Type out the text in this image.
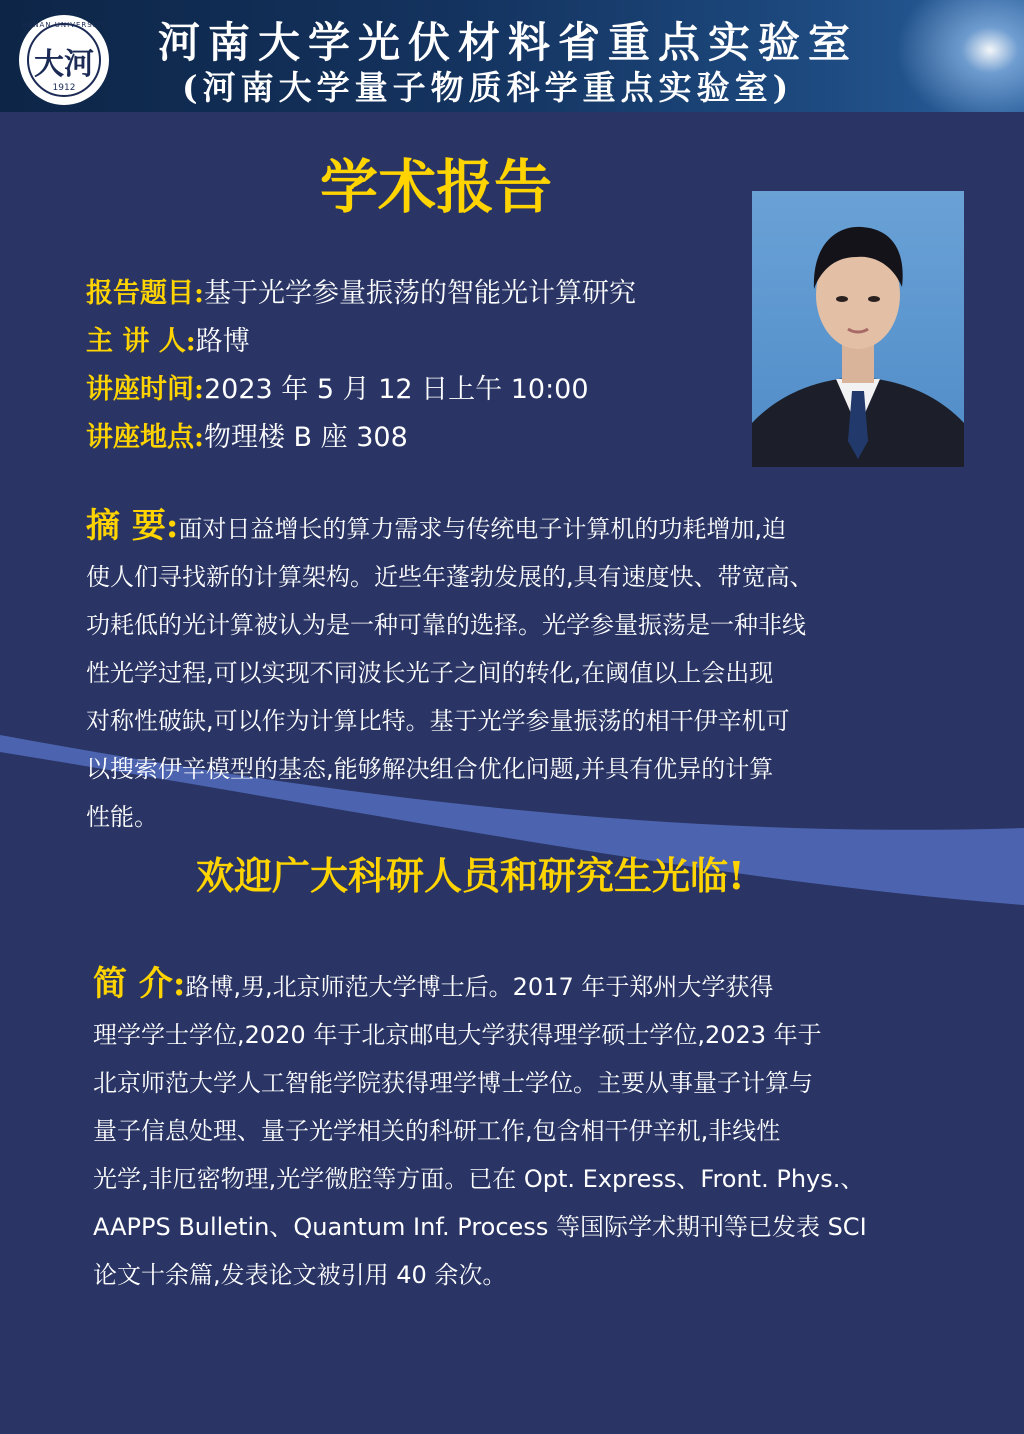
HENAN UNIVERSITY
大河
1912
河南大学光伏材料省重点实验室
(河南大学量子物质科学重点实验室)
学术报告
报告题目:基于光学参量振荡的智能光计算研究
主 讲 人:路博
讲座时间:2023 年 5 月 12 日上午 10:00
讲座地点:物理楼 B 座 308
摘 要:面对日益增长的算力需求与传统电子计算机的功耗增加,迫
使人们寻找新的计算架构。近些年蓬勃发展的,具有速度快、带宽高、
功耗低的光计算被认为是一种可靠的选择。光学参量振荡是一种非线
性光学过程,可以实现不同波长光子之间的转化,在阈值以上会出现
对称性破缺,可以作为计算比特。基于光学参量振荡的相干伊辛机可
以搜索伊辛模型的基态,能够解决组合优化问题,并具有优异的计算
性能。
欢迎广大科研人员和研究生光临!
简 介:路博,男,北京师范大学博士后。2017 年于郑州大学获得
理学学士学位,2020 年于北京邮电大学获得理学硕士学位,2023 年于
北京师范大学人工智能学院获得理学博士学位。主要从事量子计算与
量子信息处理、量子光学相关的科研工作,包含相干伊辛机,非线性
光学,非厄密物理,光学微腔等方面。已在 Opt. Express、Front. Phys.、
AAPPS Bulletin、Quantum Inf. Process 等国际学术期刊等已发表 SCI
论文十余篇,发表论文被引用 40 余次。
